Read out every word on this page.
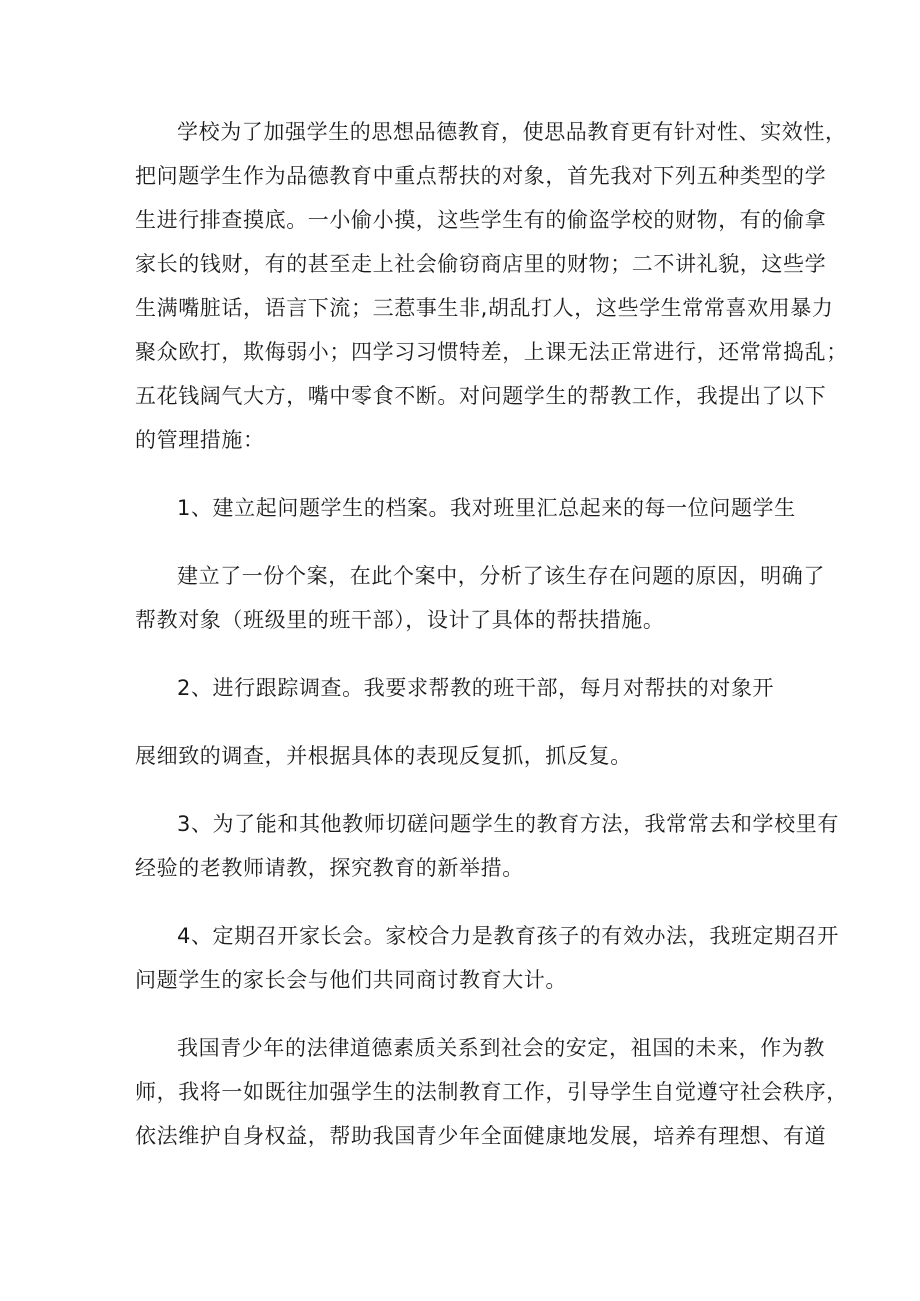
学校为了加强学生的思想品德教育，使思品教育更有针对性、实效性，
把问题学生作为品德教育中重点帮扶的对象，首先我对下列五种类型的学
生进行排查摸底。一小偷小摸，这些学生有的偷盗学校的财物，有的偷拿
家长的钱财，有的甚至走上社会偷窃商店里的财物；二不讲礼貌，这些学
生满嘴脏话，语言下流；三惹事生非,胡乱打人，这些学生常常喜欢用暴力
聚众欧打，欺侮弱小；四学习习惯特差，上课无法正常进行，还常常捣乱；
五花钱阔气大方，嘴中零食不断。对问题学生的帮教工作，我提出了以下
的管理措施：
1、建立起问题学生的档案。我对班里汇总起来的每一位问题学生
建立了一份个案，在此个案中，分析了该生存在问题的原因，明确了
帮教对象（班级里的班干部），设计了具体的帮扶措施。
2、进行跟踪调查。我要求帮教的班干部，每月对帮扶的对象开
展细致的调查，并根据具体的表现反复抓，抓反复。
3、为了能和其他教师切磋问题学生的教育方法，我常常去和学校里有
经验的老教师请教，探究教育的新举措。
4、定期召开家长会。家校合力是教育孩子的有效办法，我班定期召开
问题学生的家长会与他们共同商讨教育大计。
我国青少年的法律道德素质关系到社会的安定，祖国的未来，作为教
师，我将一如既往加强学生的法制教育工作，引导学生自觉遵守社会秩序，
依法维护自身权益，帮助我国青少年全面健康地发展，培养有理想、有道
